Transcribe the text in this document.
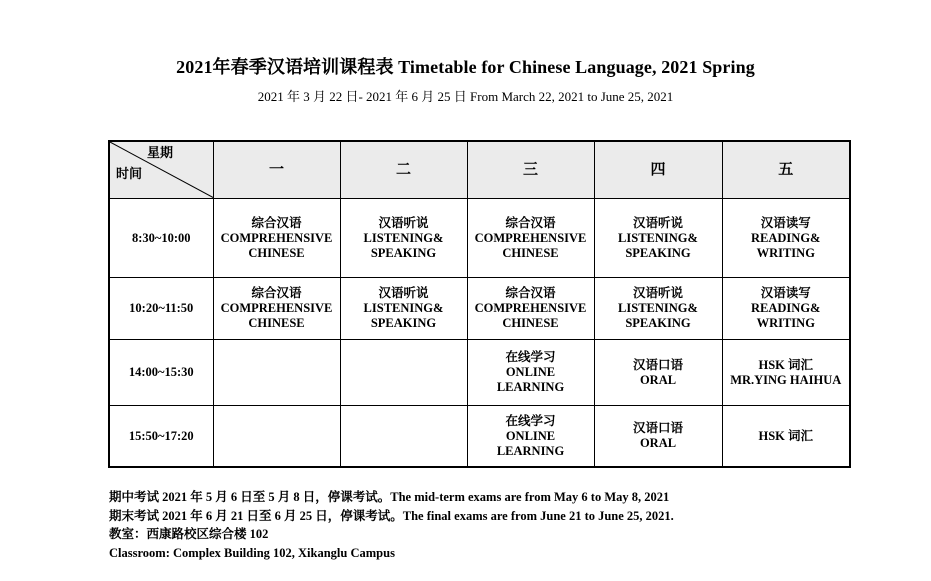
2021年春季汉语培训课程表 Timetable for Chinese Language, 2021 Spring
2021 年 3 月 22 日- 2021 年 6 月 25 日 From March 22, 2021 to June 25, 2021
星期
时间	一	二	三	四	五
8:30~10:00	综合汉语
COMPREHENSIVE
CHINESE	汉语听说
LISTENING&
SPEAKING	综合汉语
COMPREHENSIVE
CHINESE	汉语听说
LISTENING&
SPEAKING	汉语读写
READING&
WRITING

10:20~11:50	综合汉语
COMPREHENSIVE
CHINESE	汉语听说
LISTENING&
SPEAKING	综合汉语
COMPREHENSIVE
CHINESE	汉语听说
LISTENING&
SPEAKING	汉语读写
READING&
WRITING

14:00~15:30			在线学习
ONLINE
LEARNING	汉语口语
ORAL	HSK 词汇
MR.YING HAIHUA

15:50~17:20			在线学习
ONLINE
LEARNING	汉语口语
ORAL	HSK 词汇
期中考试 2021 年 5 月 6 日至 5 月 8 日，停课考试。The mid-term exams are from May 6 to May 8, 2021
期末考试 2021 年 6 月 21 日至 6 月 25 日，停课考试。The final exams are from June 21 to June 25, 2021.
教室：西康路校区综合楼 102
Classroom: Complex Building 102, Xikanglu Campus
